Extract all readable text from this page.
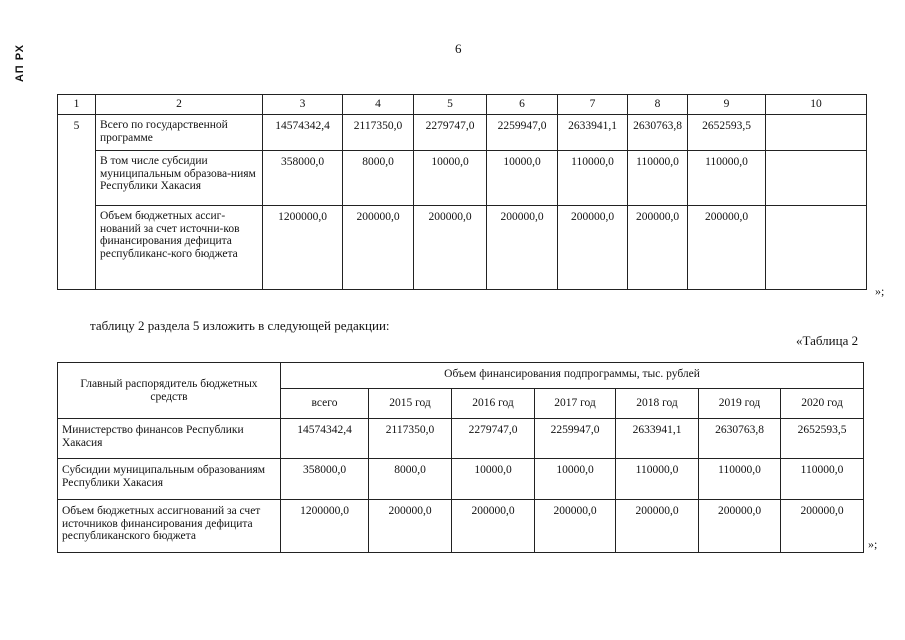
АП РХ	6
1	2	3	4	5	6	7	8	9	10
5	Всего по государственной программе	14574342,4	2117350,0	2279747,0	2259947,0	2633941,1	2630763,8	2652593,5	
	В том числе субсидии муниципальным образова-ниям Республики Хакасия	358000,0	8000,0	10000,0	10000,0	110000,0	110000,0	110000,0	
	Объем бюджетных ассиг-нований за счет источни-ков финансирования дефицита республиканс-кого бюджета	1200000,0	200000,0	200000,0	200000,0	200000,0	200000,0	200000,0	
»;
таблицу 2 раздела 5 изложить в следующей редакции:
«Таблица 2
Главный распорядитель бюджетных средств	Объем финансирования подпрограммы, тыс. рублей						
	всего	2015 год	2016 год	2017 год	2018 год	2019 год	2020 год
Министерство финансов Республики Хакасия	14574342,4	2117350,0	2279747,0	2259947,0	2633941,1	2630763,8	2652593,5
Субсидии муниципальным образованиям Республики Хакасия	358000,0	8000,0	10000,0	10000,0	110000,0	110000,0	110000,0
Объем бюджетных ассигнований за счет источников финансирования дефицита республиканского бюджета	1200000,0	200000,0	200000,0	200000,0	200000,0	200000,0	200000,0
»;
